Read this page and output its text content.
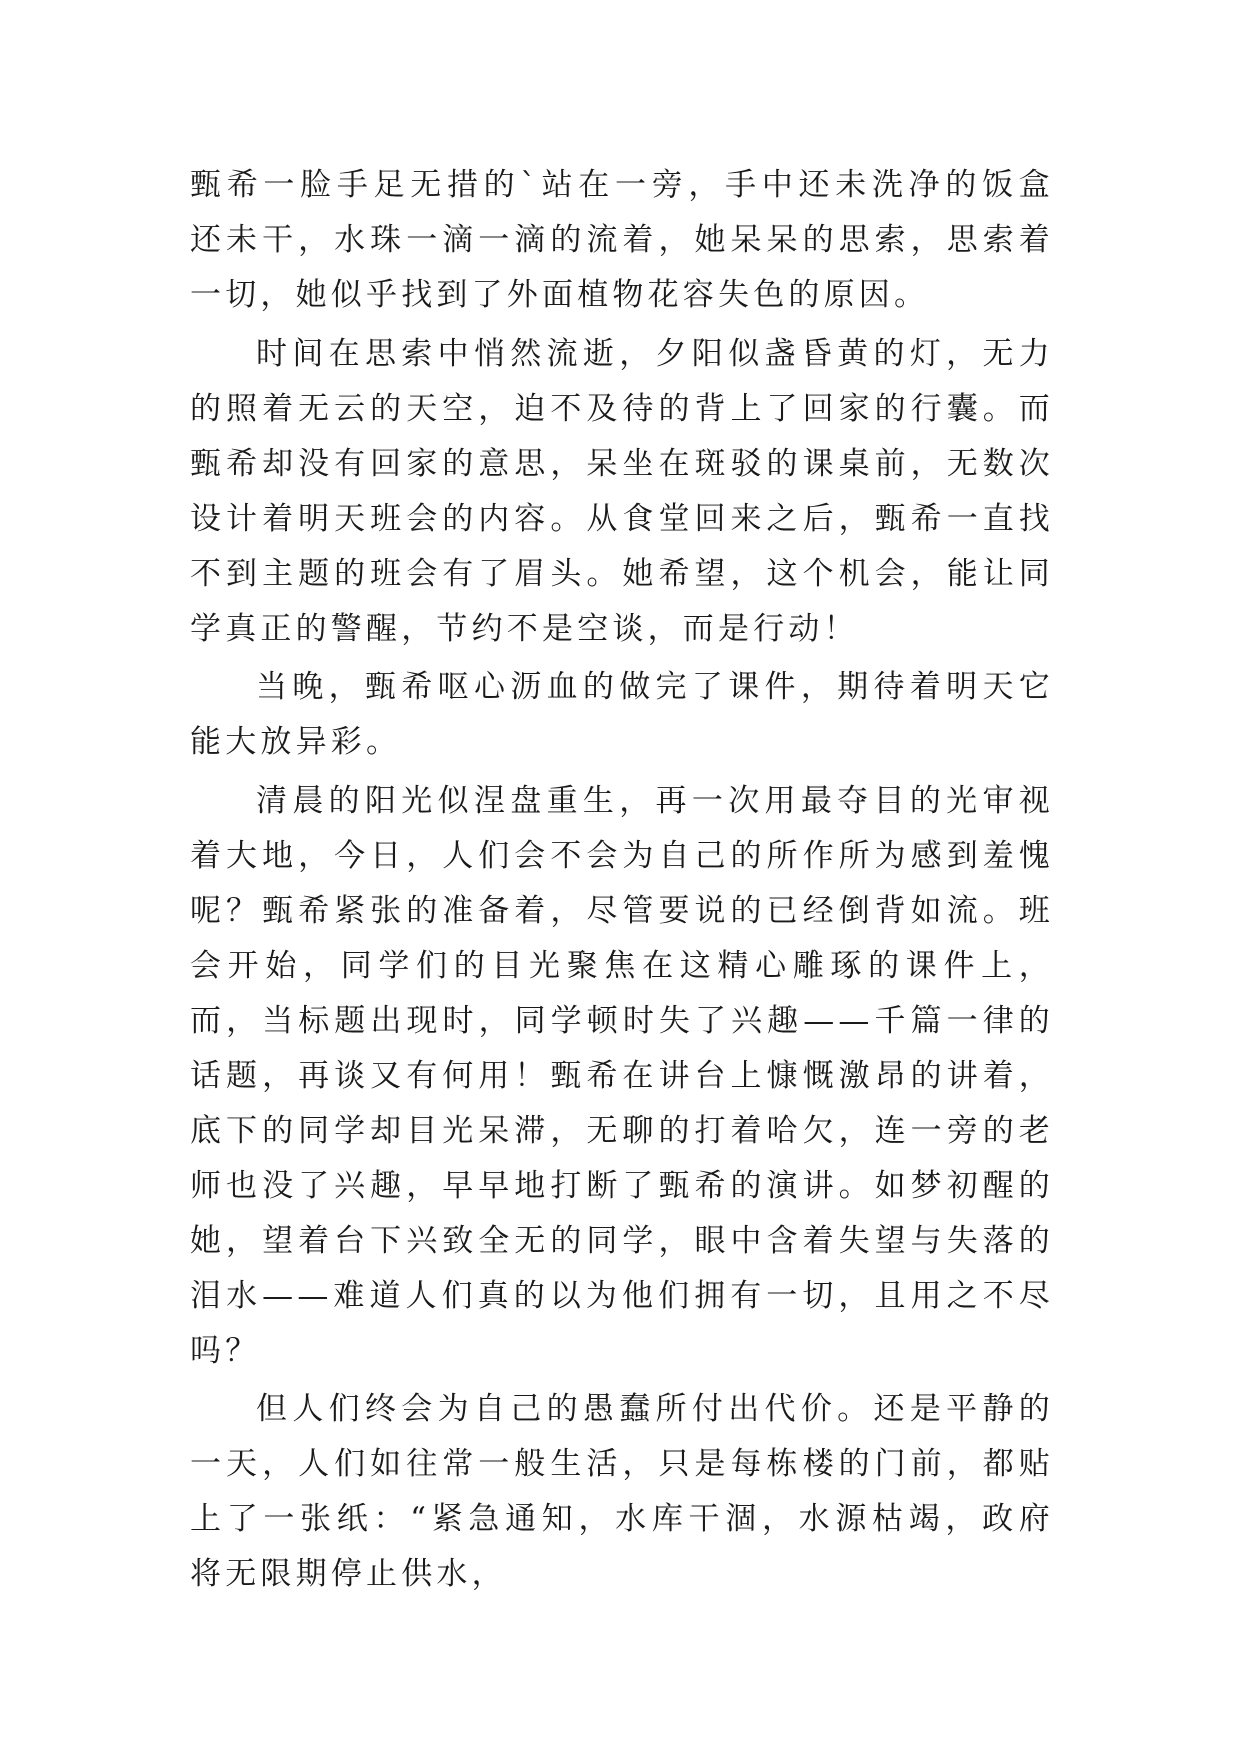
甄希一脸手足无措的`站在一旁，手中还未洗净的饭盒还未干，水珠一滴一滴的流着，她呆呆的思索，思索着一切，她似乎找到了外面植物花容失色的原因。

时间在思索中悄然流逝，夕阳似盏昏黄的灯，无力的照着无云的天空，迫不及待的背上了回家的行囊。而甄希却没有回家的意思，呆坐在斑驳的课桌前，无数次设计着明天班会的内容。从食堂回来之后，甄希一直找不到主题的班会有了眉头。她希望，这个机会，能让同学真正的警醒，节约不是空谈，而是行动！

当晚，甄希呕心沥血的做完了课件，期待着明天它能大放异彩。

清晨的阳光似涅盘重生，再一次用最夺目的光审视着大地，今日，人们会不会为自己的所作所为感到羞愧呢？甄希紧张的准备着，尽管要说的已经倒背如流。班会开始，同学们的目光聚焦在这精心雕琢的课件上，而，当标题出现时，同学顿时失了兴趣——千篇一律的话题，再谈又有何用！甄希在讲台上慷慨激昂的讲着，底下的同学却目光呆滞，无聊的打着哈欠，连一旁的老师也没了兴趣，早早地打断了甄希的演讲。如梦初醒的她，望着台下兴致全无的同学，眼中含着失望与失落的泪水——难道人们真的以为他们拥有一切，且用之不尽吗？

但人们终会为自己的愚蠢所付出代价。还是平静的一天，人们如往常一般生活，只是每栋楼的门前，都贴上了一张纸：“紧急通知，水库干涸，水源枯竭，政府将无限期停止供水，
